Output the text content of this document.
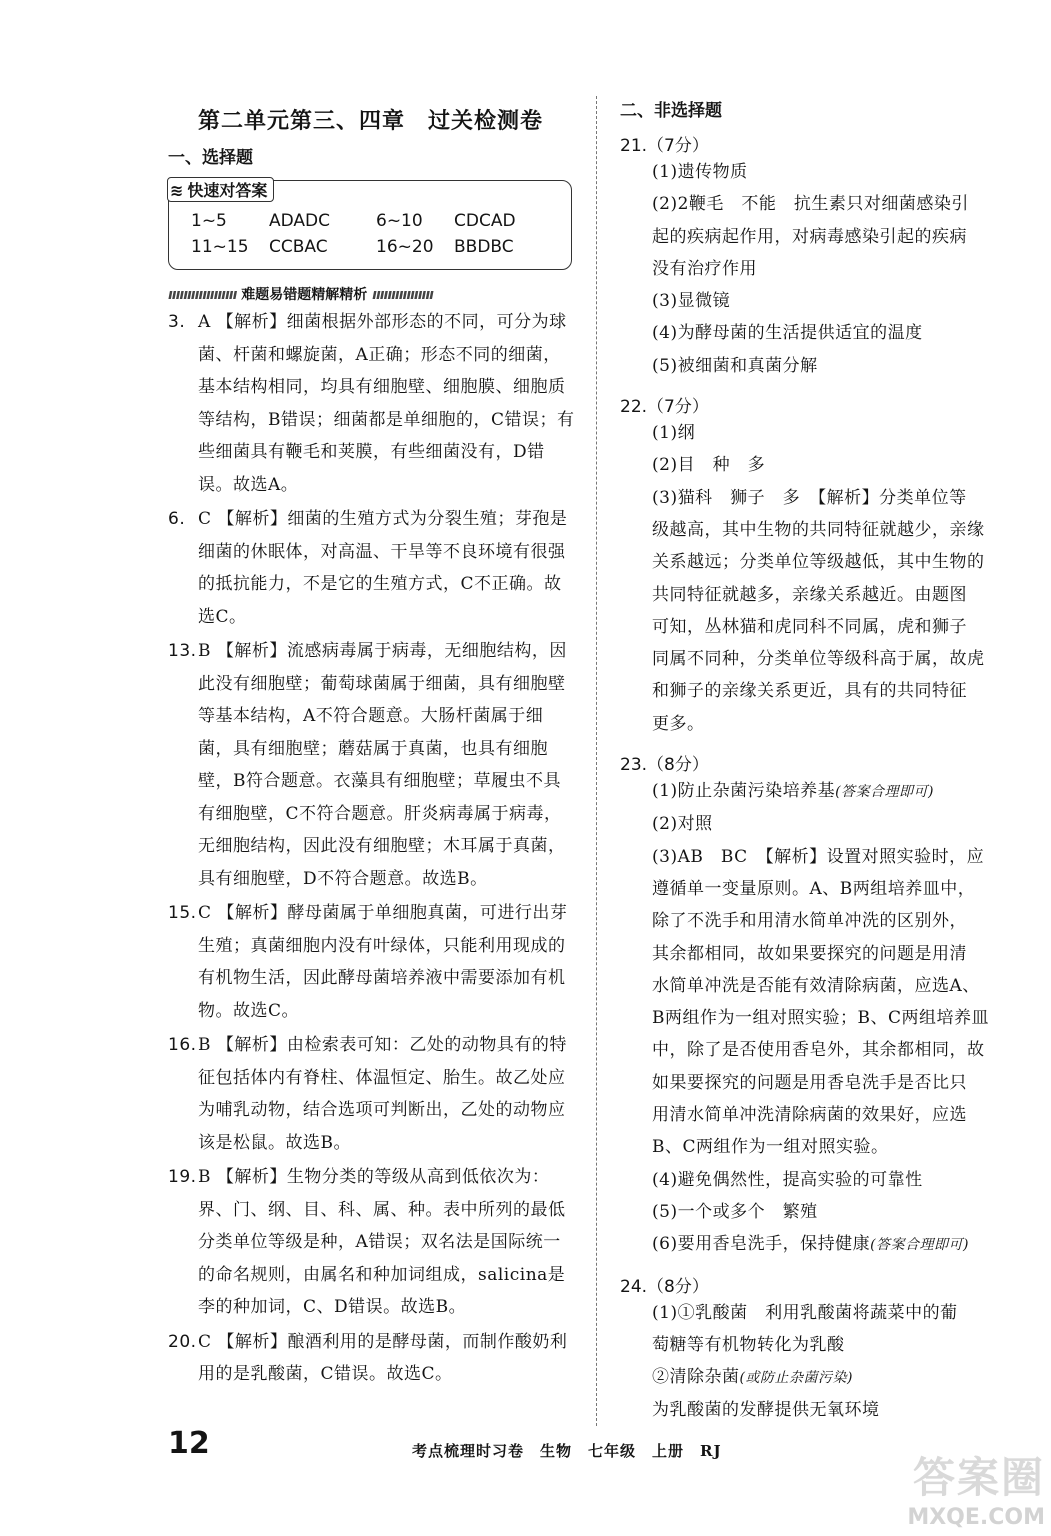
第二单元第三、四章　过关检测卷
一、选择题
≋ 快速对答案
1~5 ADADC	6~10 CDCAD
11~15 CCBAC	16~20 BBDBC
ıııııııııııııııııı 难题易错题精解精析 ıııııııııııııııı
3. A 【解析】细菌根据外部形态的不同，可分为球菌、杆菌和螺旋菌，A正确；形态不同的细菌，基本结构相同，均具有细胞壁、细胞膜、细胞质等结构，B错误；细菌都是单细胞的，C错误；有些细菌具有鞭毛和荚膜，有些细菌没有，D错误。故选A。
6. C 【解析】细菌的生殖方式为分裂生殖；芽孢是细菌的休眠体，对高温、干旱等不良环境有很强的抵抗能力，不是它的生殖方式，C不正确。故选C。
13. B 【解析】流感病毒属于病毒，无细胞结构，因此没有细胞壁；葡萄球菌属于细菌，具有细胞壁等基本结构，A不符合题意。大肠杆菌属于细菌，具有细胞壁；蘑菇属于真菌，也具有细胞壁，B符合题意。衣藻具有细胞壁；草履虫不具有细胞壁，C不符合题意。肝炎病毒属于病毒，无细胞结构，因此没有细胞壁；木耳属于真菌，具有细胞壁，D不符合题意。故选B。
15. C 【解析】酵母菌属于单细胞真菌，可进行出芽生殖；真菌细胞内没有叶绿体，只能利用现成的有机物生活，因此酵母菌培养液中需要添加有机物。故选C。
16. B 【解析】由检索表可知：乙处的动物具有的特征包括体内有脊柱、体温恒定、胎生。故乙处应为哺乳动物，结合选项可判断出，乙处的动物应该是松鼠。故选B。
19. B 【解析】生物分类的等级从高到低依次为：界、门、纲、目、科、属、种。表中所列的最低分类单位等级是种，A错误；双名法是国际统一的命名规则，由属名和种加词组成，salicina是李的种加词，C、D错误。故选B。
20. C 【解析】酿酒利用的是酵母菌，而制作酸奶利用的是乳酸菌，C错误。故选C。
二、非选择题
21.（7分）
(1)遗传物质
(2)2鞭毛　不能　抗生素只对细菌感染引
起的疾病起作用，对病毒感染引起的疾病
没有治疗作用
(3)显微镜
(4)为酵母菌的生活提供适宜的温度
(5)被细菌和真菌分解
22.（7分）
(1)纲
(2)目　种　多
(3)猫科　狮子　多　【解析】分类单位等
级越高，其中生物的共同特征就越少，亲缘
关系越远；分类单位等级越低，其中生物的
共同特征就越多，亲缘关系越近。由题图
可知，丛林猫和虎同科不同属，虎和狮子
同属不同种，分类单位等级科高于属，故虎
和狮子的亲缘关系更近，具有的共同特征
更多。
23.（8分）
(1)防止杂菌污染培养基(答案合理即可)
(2)对照
(3)AB　BC　【解析】设置对照实验时，应
遵循单一变量原则。A、B两组培养皿中，
除了不洗手和用清水简单冲洗的区别外，
其余都相同，故如果要探究的问题是用清
水简单冲洗是否能有效清除病菌，应选A、
B两组作为一组对照实验；B、C两组培养皿
中，除了是否使用香皂外，其余都相同，故
如果要探究的问题是用香皂洗手是否比只
用清水简单冲洗清除病菌的效果好，应选
B、C两组作为一组对照实验。
(4)避免偶然性，提高实验的可靠性
(5)一个或多个　繁殖
(6)要用香皂洗手，保持健康(答案合理即可)
24.（8分）
(1)①乳酸菌　利用乳酸菌将蔬菜中的葡
萄糖等有机物转化为乳酸
②清除杂菌(或防止杂菌污染)
为乳酸菌的发酵提供无氧环境
12	考点梳理时习卷　生物　七年级　上册　RJ
答案圈
MXQE.COM
